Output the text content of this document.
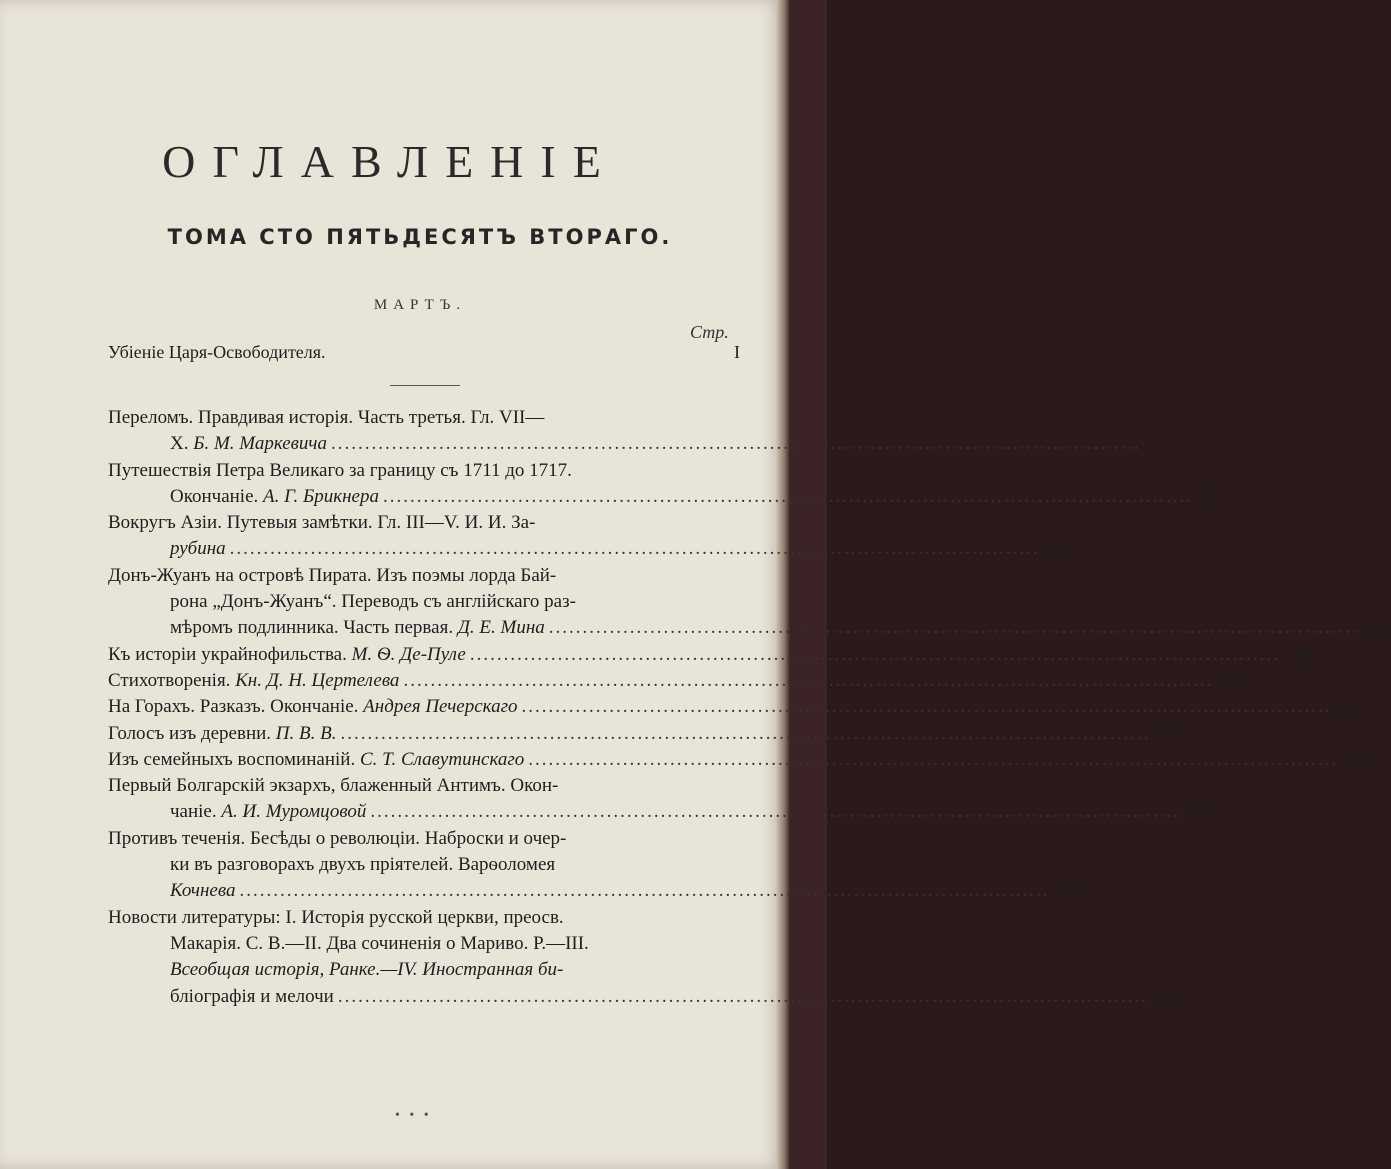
ОГЛАВЛЕНІЕ
ТОМА СТО ПЯТЬДЕСЯТЪ ВТОРАГО.
МАРТЪ.
Стр.
Убіеніе Царя-Освободителя.	I
Переломъ. Правдивая исторія. Часть третья. Гл. VII—
Х. Б. М. Маркевича ........................................................................................................................ 5
Путешествія Петра Великаго за границу съ 1711 до 1717.
Окончаніе. А. Г. Брикнера ........................................................................................................................ 53
Вокругъ Азіи. Путевыя замѣтки. Гл. III—V. И. И. За-
рубина ........................................................................................................................ 102
Донъ-Жуанъ на островѣ Пирата. Изъ поэмы лорда Бай-
рона „Донъ-Жуанъ“. Переводъ съ англійскаго раз-
мѣромъ подлинника. Часть первая. Д. Е. Мина ........................................................................................................................ 154
Къ исторіи украйнофильства. М. Ѳ. Де-Пуле ........................................................................................................................ 210
Стихотворенія. Кн. Д. Н. Цертелева ........................................................................................................................ 235
На Горахъ. Разказъ. Окончаніе. Андрея Печерскаго ........................................................................................................................ 236
Голосъ изъ деревни. П. В. В. ........................................................................................................................ 258
Изъ семейныхъ воспоминаній. С. Т. Славутинскаго ........................................................................................................................ 277
Первый Болгарскій экзархъ, блаженный Антимъ. Окон-
чаніе. А. И. Муромцовой ........................................................................................................................ 321
Противъ теченія. Бесѣды о революціи. Наброски и очер-
ки въ разговорахъ двухъ пріятелей. Варѳоломея
Кочнева ........................................................................................................................ 363
Новости литературы: I. Исторія русской церкви, преосв.
Макарія. С. В.—II. Два сочиненія о Мариво. Р.—III.
Всеобщая исторія, Ранке.—IV. Иностранная би-
бліографія и мелочи ........................................................................................................................ 424
• • •
